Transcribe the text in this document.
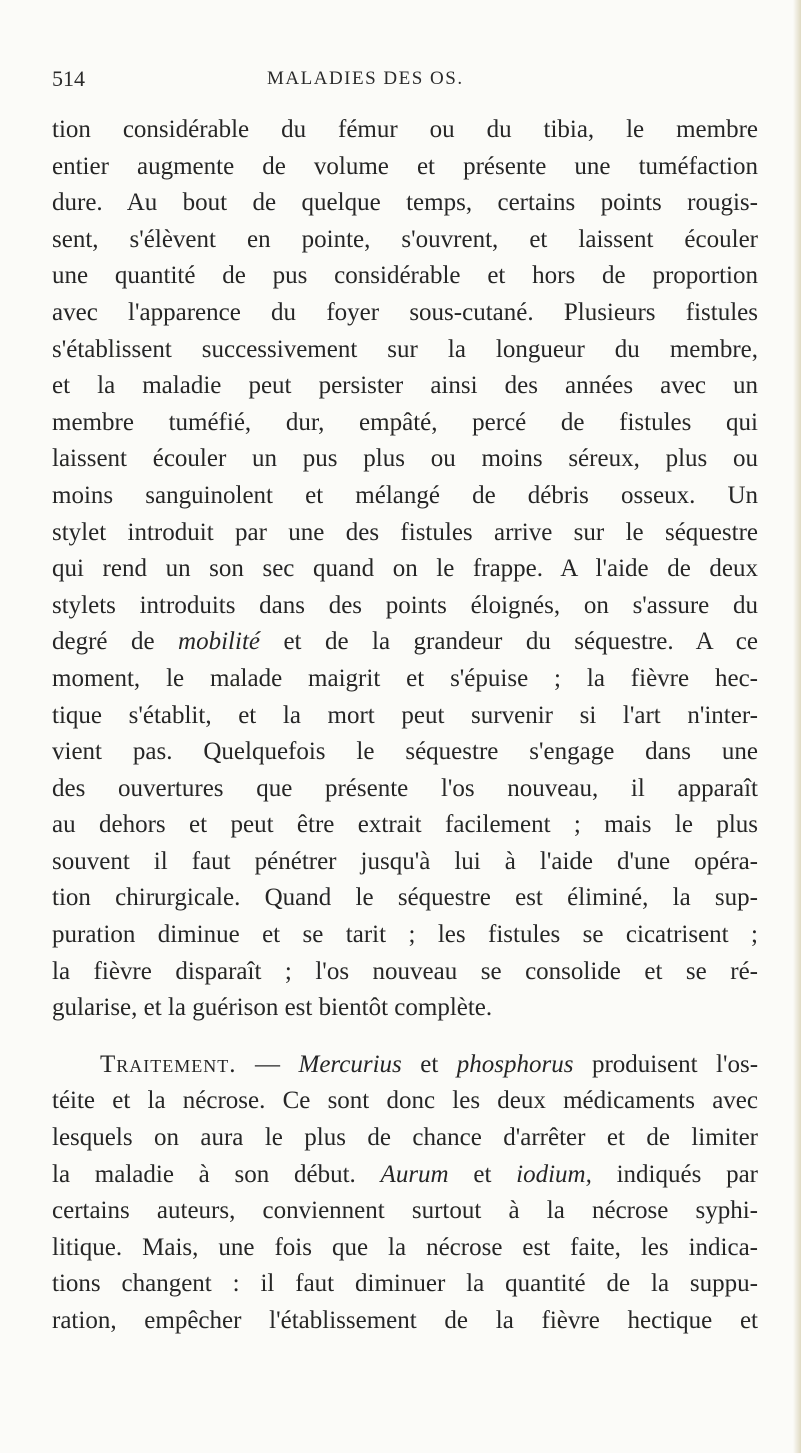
514	MALADIES DES OS.
tion considérable du fémur ou du tibia, le membre
entier augmente de volume et présente une tuméfaction
dure. Au bout de quelque temps, certains points rougis-
sent, s'élèvent en pointe, s'ouvrent, et laissent écouler
une quantité de pus considérable et hors de proportion
avec l'apparence du foyer sous-cutané. Plusieurs fistules
s'établissent successivement sur la longueur du membre,
et la maladie peut persister ainsi des années avec un
membre tuméfié, dur, empâté, percé de fistules qui
laissent écouler un pus plus ou moins séreux, plus ou
moins sanguinolent et mélangé de débris osseux. Un
stylet introduit par une des fistules arrive sur le séquestre
qui rend un son sec quand on le frappe. A l'aide de deux
stylets introduits dans des points éloignés, on s'assure du
degré de mobilité et de la grandeur du séquestre. A ce
moment, le malade maigrit et s'épuise ; la fièvre hec-
tique s'établit, et la mort peut survenir si l'art n'inter-
vient pas. Quelquefois le séquestre s'engage dans une
des ouvertures que présente l'os nouveau, il apparaît
au dehors et peut être extrait facilement ; mais le plus
souvent il faut pénétrer jusqu'à lui à l'aide d'une opéra-
tion chirurgicale. Quand le séquestre est éliminé, la sup-
puration diminue et se tarit ; les fistules se cicatrisent ;
la fièvre disparaît ; l'os nouveau se consolide et se ré-
gularise, et la guérison est bientôt complète.
Traitement. — Mercurius et phosphorus produisent l'os-
téite et la nécrose. Ce sont donc les deux médicaments avec
lesquels on aura le plus de chance d'arrêter et de limiter
la maladie à son début. Aurum et iodium, indiqués par
certains auteurs, conviennent surtout à la nécrose syphi-
litique. Mais, une fois que la nécrose est faite, les indica-
tions changent : il faut diminuer la quantité de la suppu-
ration, empêcher l'établissement de la fièvre hectique et
